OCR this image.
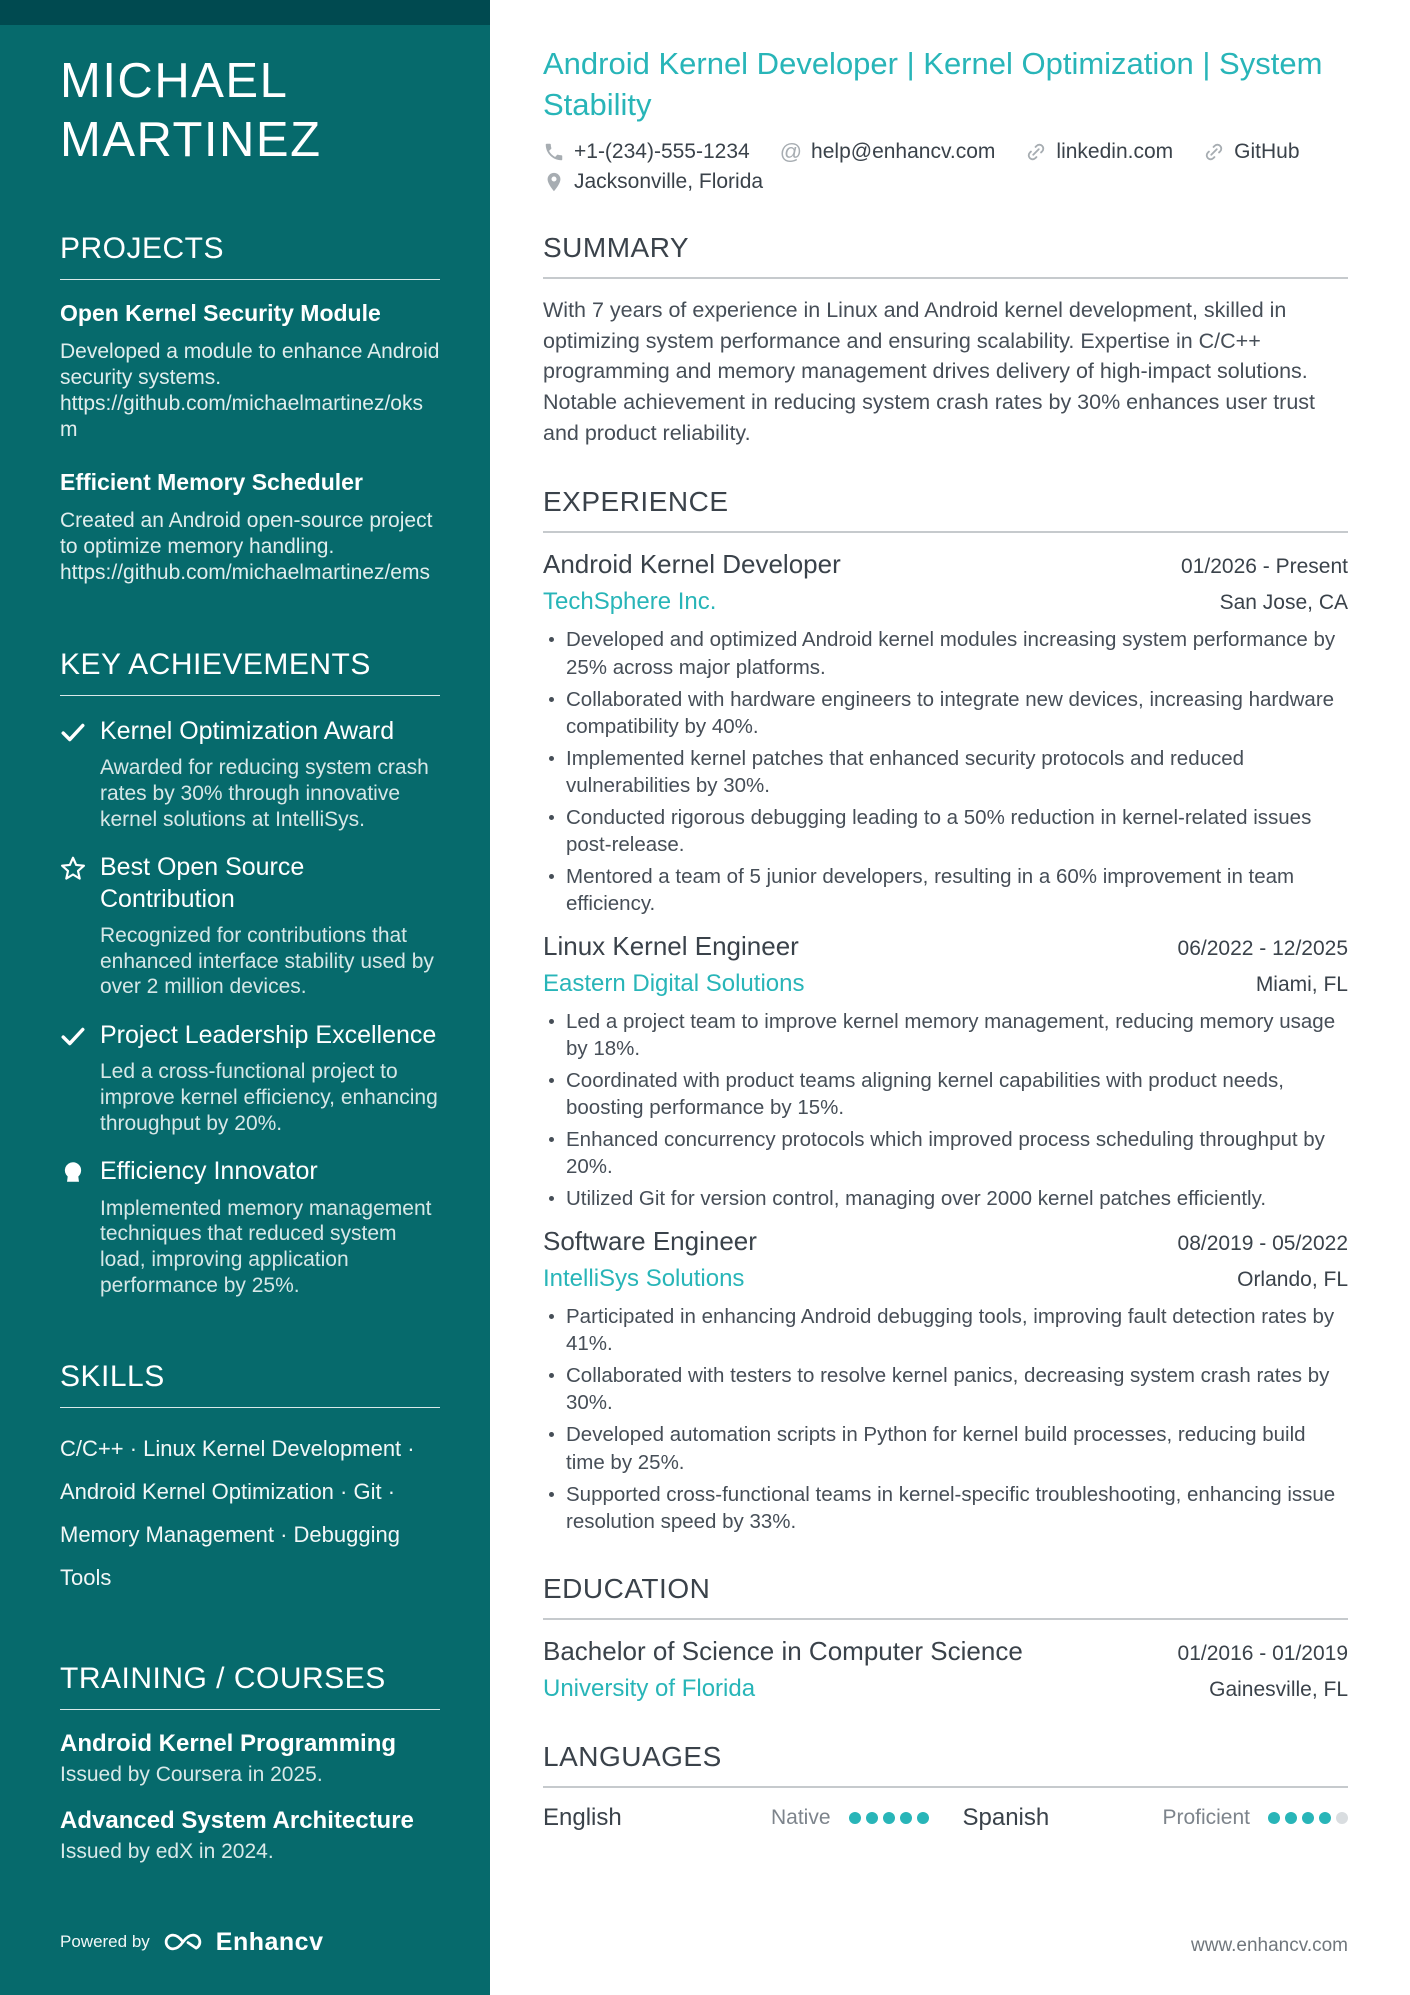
MICHAEL MARTINEZ
PROJECTS
Open Kernel Security Module

Developed a module to enhance Android security systems.
https://github.com/michaelmartinez/oksm

Efficient Memory Scheduler

Created an Android open-source project to optimize memory handling.
https://github.com/michaelmartinez/ems

KEY ACHIEVEMENTS
Kernel Optimization Award

Awarded for reducing system crash rates by 30% through innovative kernel solutions at IntelliSys.

Best Open Source Contribution

Recognized for contributions that enhanced interface stability used by over 2 million devices.

Project Leadership Excellence

Led a cross-functional project to improve kernel efficiency, enhancing throughput by 20%.

Efficiency Innovator

Implemented memory management techniques that reduced system load, improving application performance by 25%.

SKILLS

C/C++ · Linux Kernel Development · Android Kernel Optimization · Git · Memory Management · Debugging Tools

TRAINING / COURSES
Android Kernel Programming

Issued by Coursera in 2025.

Advanced System Architecture

Issued by edX in 2024.

Powered by	Enhancv
Android Kernel Developer | Kernel Optimization | System Stability
+1-(234)-555-1234 @ help@enhancv.com	linkedin.com	GitHub
Jacksonville, Florida
SUMMARY

With 7 years of experience in Linux and Android kernel development, skilled in optimizing system performance and ensuring scalability. Expertise in C/C++ programming and memory management drives delivery of high-impact solutions. Notable achievement in reducing system crash rates by 30% enhances user trust and product reliability.

EXPERIENCE
Android Kernel Developer	01/2026 - Present
TechSphere Inc.	San Jose, CA
Developed and optimized Android kernel modules increasing system performance by 25% across major platforms.
Collaborated with hardware engineers to integrate new devices, increasing hardware compatibility by 40%.
Implemented kernel patches that enhanced security protocols and reduced vulnerabilities by 30%.
Conducted rigorous debugging leading to a 50% reduction in kernel-related issues post-release.
Mentored a team of 5 junior developers, resulting in a 60% improvement in team efficiency.
Linux Kernel Engineer	06/2022 - 12/2025
Eastern Digital Solutions	Miami, FL
Led a project team to improve kernel memory management, reducing memory usage by 18%.
Coordinated with product teams aligning kernel capabilities with product needs, boosting performance by 15%.
Enhanced concurrency protocols which improved process scheduling throughput by 20%.
Utilized Git for version control, managing over 2000 kernel patches efficiently.
Software Engineer	08/2019 - 05/2022
IntelliSys Solutions	Orlando, FL
Participated in enhancing Android debugging tools, improving fault detection rates by 41%.
Collaborated with testers to resolve kernel panics, decreasing system crash rates by 30%.
Developed automation scripts in Python for kernel build processes, reducing build time by 25%.
Supported cross-functional teams in kernel-specific troubleshooting, enhancing issue resolution speed by 33%.
EDUCATION
Bachelor of Science in Computer Science	01/2016 - 01/2019
University of Florida	Gainesville, FL
LANGUAGES
English	Native	Spanish	Proficient
www.enhancv.com
